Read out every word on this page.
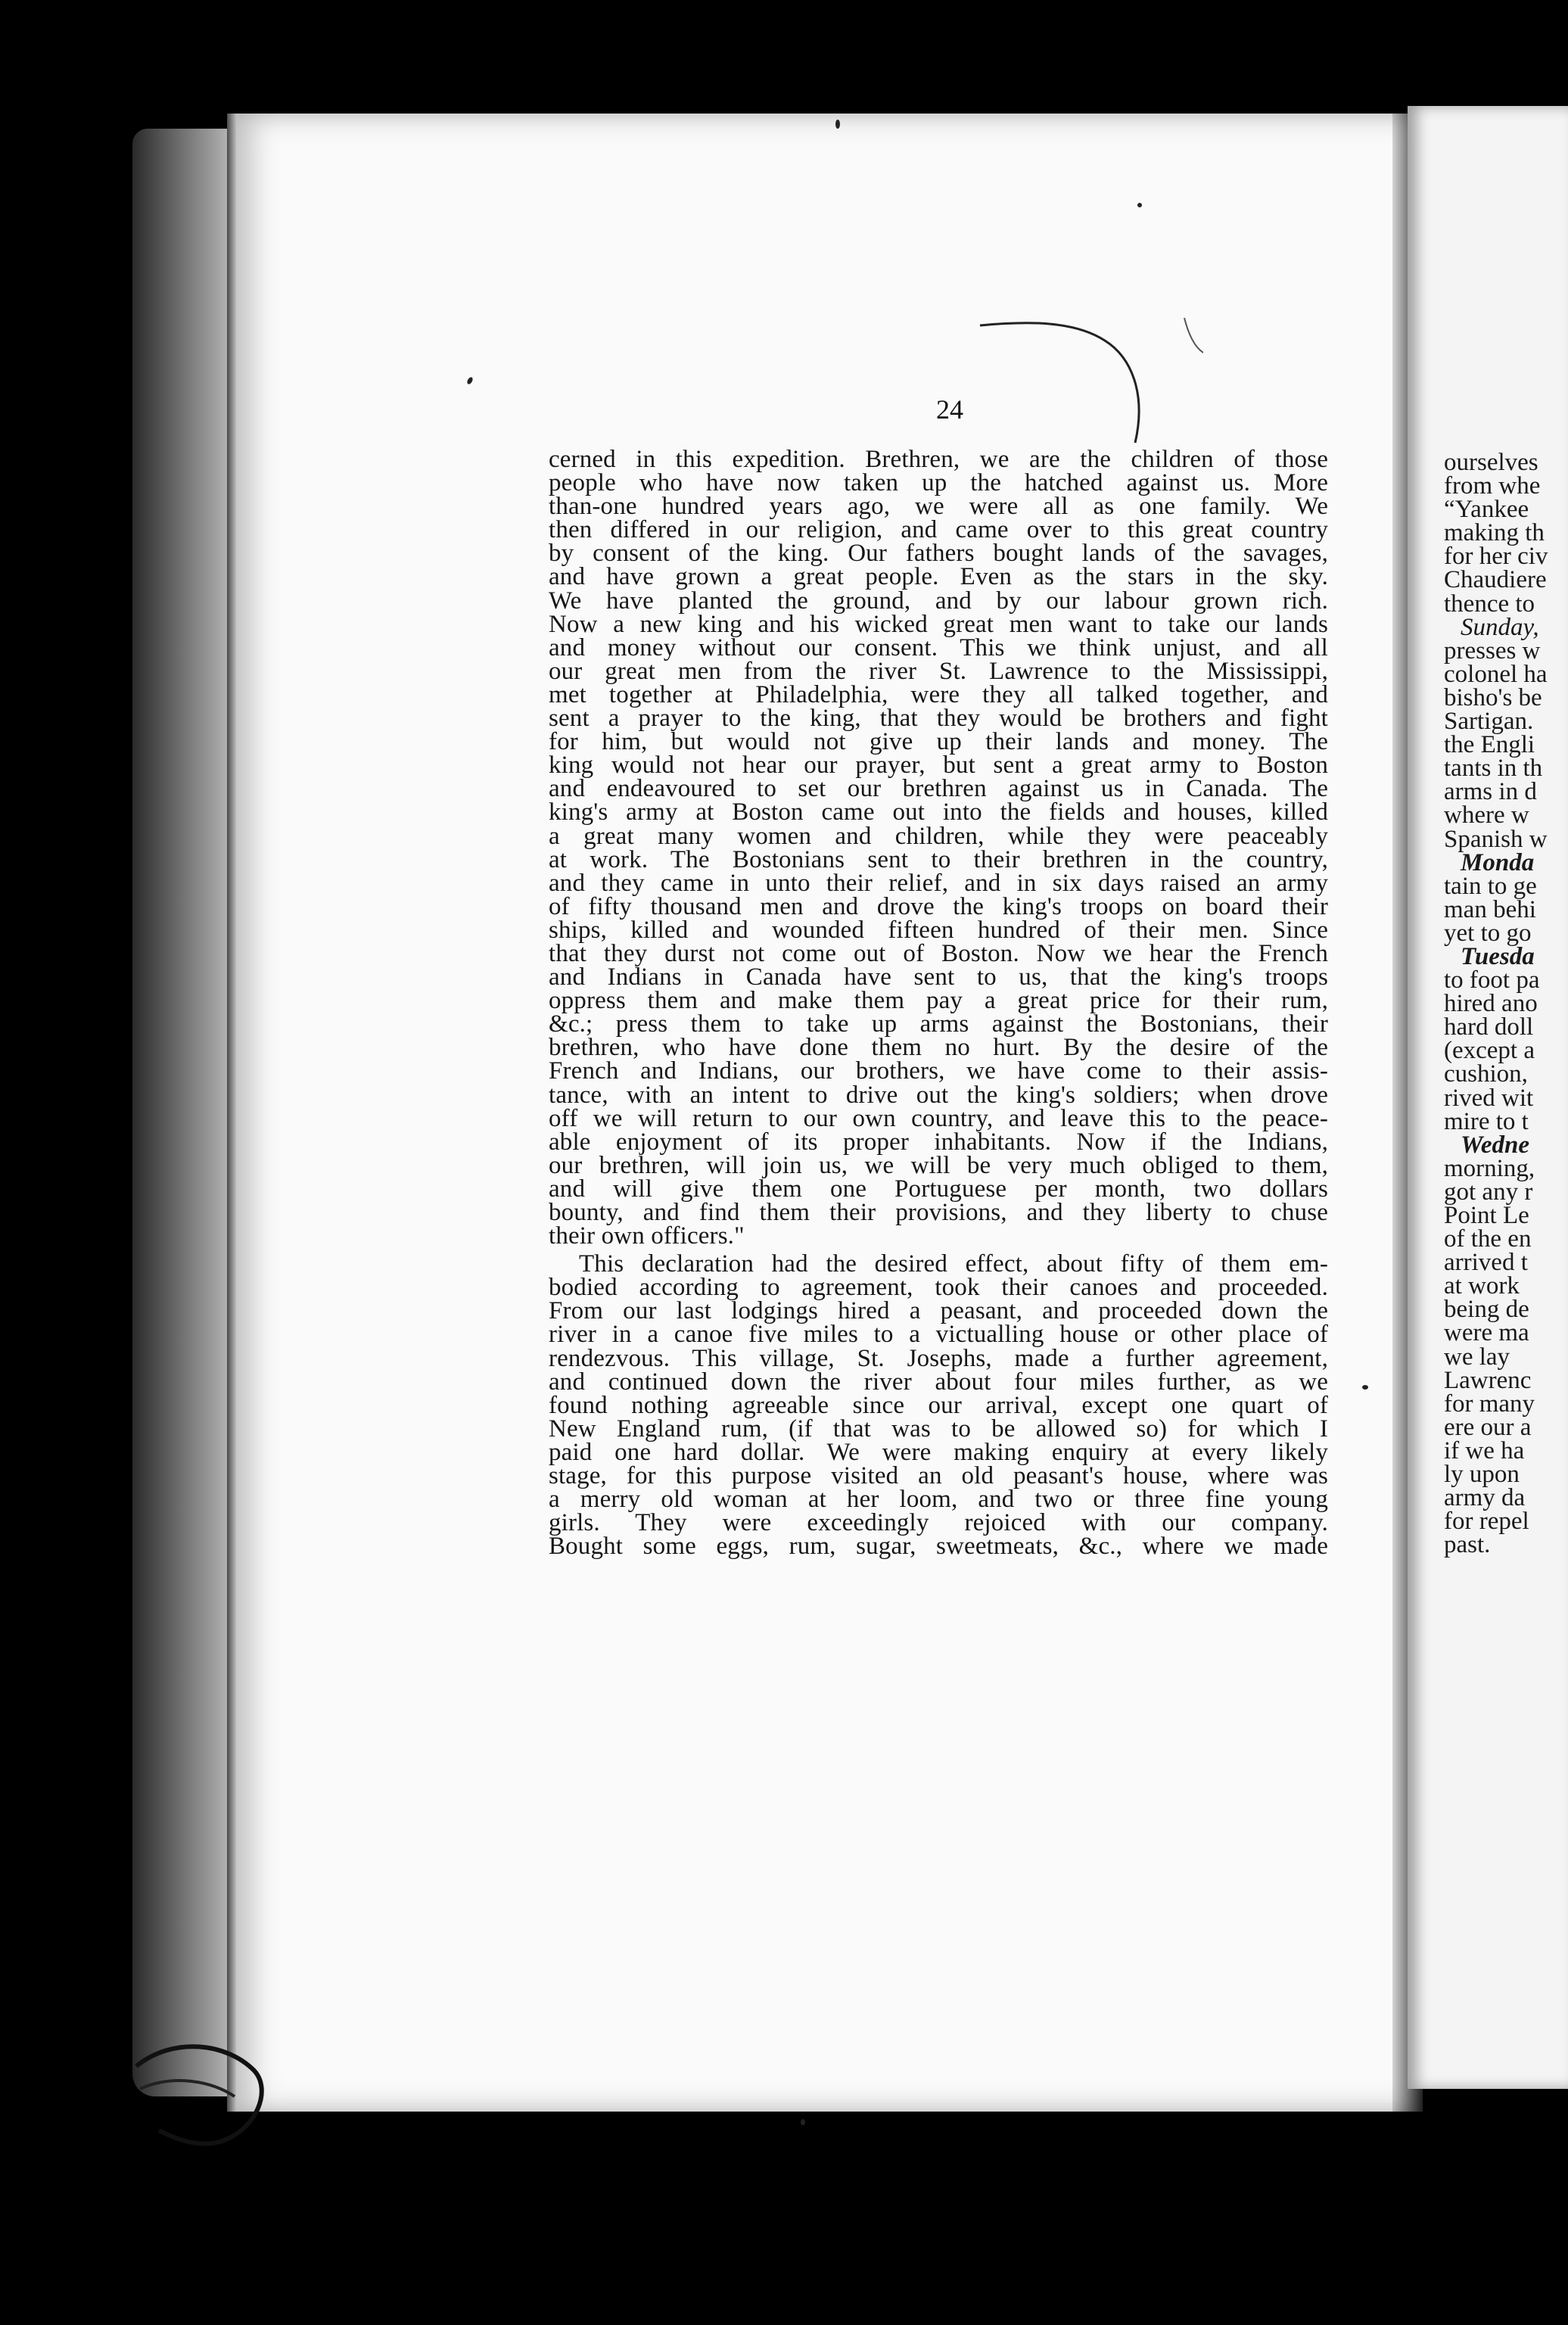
24

cerned in this expedition. Brethren, we are the children of those
people who have now taken up the hatched against us. More
than-one hundred years ago, we were all as one family. We
then differed in our religion, and came over to this great country
by consent of the king. Our fathers bought lands of the savages,
and have grown a great people. Even as the stars in the sky.
We have planted the ground, and by our labour grown rich.
Now a new king and his wicked great men want to take our lands
and money without our consent. This we think unjust, and all
our great men from the river St. Lawrence to the Mississippi,
met together at Philadelphia, were they all talked together, and
sent a prayer to the king, that they would be brothers and fight
for him, but would not give up their lands and money. The
king would not hear our prayer, but sent a great army to Boston
and endeavoured to set our brethren against us in Canada. The
king's army at Boston came out into the fields and houses, killed
a great many women and children, while they were peaceably
at work. The Bostonians sent to their brethren in the country,
and they came in unto their relief, and in six days raised an army
of fifty thousand men and drove the king's troops on board their
ships, killed and wounded fifteen hundred of their men. Since
that they durst not come out of Boston. Now we hear the French
and Indians in Canada have sent to us, that the king's troops
oppress them and make them pay a great price for their rum,
&c.; press them to take up arms against the Bostonians, their
brethren, who have done them no hurt. By the desire of the
French and Indians, our brothers, we have come to their assis-
tance, with an intent to drive out the king's soldiers; when drove
off we will return to our own country, and leave this to the peace-
able enjoyment of its proper inhabitants. Now if the Indians,
our brethren, will join us, we will be very much obliged to them,
and will give them one Portuguese per month, two dollars
bounty, and find them their provisions, and they liberty to chuse
their own officers."

This declaration had the desired effect, about fifty of them em-
bodied according to agreement, took their canoes and proceeded.
From our last lodgings hired a peasant, and proceeded down the
river in a canoe five miles to a victualling house or other place of
rendezvous. This village, St. Josephs, made a further agreement,
and continued down the river about four miles further, as we
found nothing agreeable since our arrival, except one quart of
New England rum, (if that was to be allowed so) for which I
paid one hard dollar. We were making enquiry at every likely
stage, for this purpose visited an old peasant's house, where was
a merry old woman at her loom, and two or three fine young
girls. They were exceedingly rejoiced with our company.
Bought some eggs, rum, sugar, sweetmeats, &c., where we made

ourselves
from whe
“Yankee
making th
for her civ
Chaudiere
thence to
Sunday,
presses w
colonel ha
bisho's be
Sartigan.
the Engli
tants in th
arms in d
where w
Spanish w
Monda
tain to ge
man behi
yet to go
Tuesda
to foot pa
hired ano
hard doll
(except a
cushion,
rived wit
mire to t
Wedne
morning,
got any r
Point Le
of the en
arrived t
at work
being de
were ma
we lay
Lawrenc
for many
ere our a
if we ha
ly upon
army da
for repel
past.
